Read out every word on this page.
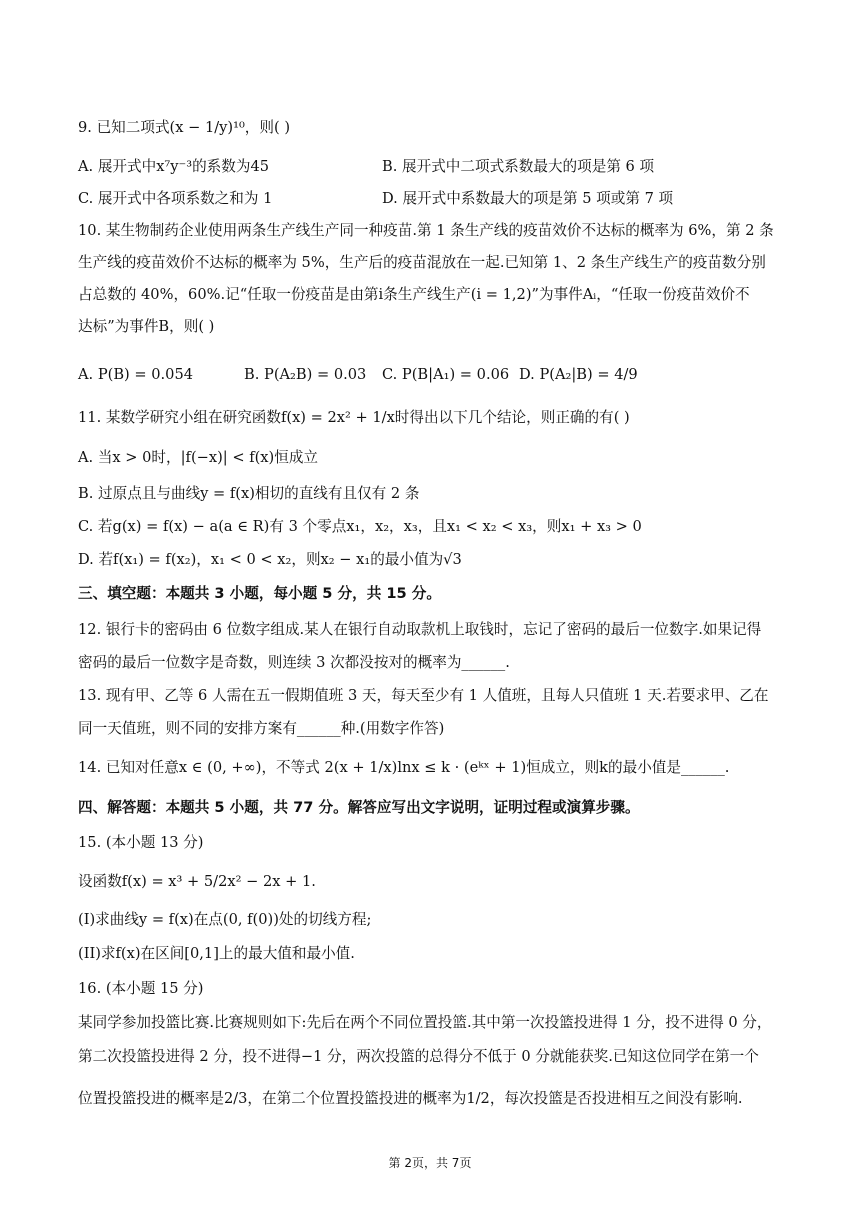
9. 已知二项式(x − 1/y)¹⁰，则( )
A. 展开式中x⁷y⁻³的系数为45	B. 展开式中二项式系数最大的项是第 6 项
C. 展开式中各项系数之和为 1	D. 展开式中系数最大的项是第 5 项或第 7 项
10. 某生物制药企业使用两条生产线生产同一种疫苗.第 1 条生产线的疫苗效价不达标的概率为 6%，第 2 条
生产线的疫苗效价不达标的概率为 5%，生产后的疫苗混放在一起.已知第 1、2 条生产线生产的疫苗数分别
占总数的 40%，60%.记“任取一份疫苗是由第i条生产线生产(i = 1,2)”为事件Aᵢ，“任取一份疫苗效价不
达标”为事件B，则( )
A. P(B) = 0.054	B. P(A₂B) = 0.03 C. P(B|A₁) = 0.06 D. P(A₂|B) = 4/9
11. 某数学研究小组在研究函数f(x) = 2x² + 1/x时得出以下几个结论，则正确的有( )
A. 当x > 0时，|f(−x)| < f(x)恒成立
B. 过原点且与曲线y = f(x)相切的直线有且仅有 2 条
C. 若g(x) = f(x) − a(a ∈ R)有 3 个零点x₁，x₂，x₃，且x₁ < x₂ < x₃，则x₁ + x₃ > 0
D. 若f(x₁) = f(x₂)，x₁ < 0 < x₂，则x₂ − x₁的最小值为√3
三、填空题：本题共 3 小题，每小题 5 分，共 15 分。
12. 银行卡的密码由 6 位数字组成.某人在银行自动取款机上取钱时，忘记了密码的最后一位数字.如果记得
密码的最后一位数字是奇数，则连续 3 次都没按对的概率为______.
13. 现有甲、乙等 6 人需在五一假期值班 3 天，每天至少有 1 人值班，且每人只值班 1 天.若要求甲、乙在
同一天值班，则不同的安排方案有______种.(用数字作答)
14. 已知对任意x ∈ (0, +∞)，不等式 2(x + 1/x)lnx ≤ k · (eᵏˣ + 1)恒成立，则k的最小值是______.
四、解答题：本题共 5 小题，共 77 分。解答应写出文字说明，证明过程或演算步骤。
15. (本小题 13 分)
设函数f(x) = x³ + 5/2x² − 2x + 1.
(I)求曲线y = f(x)在点(0, f(0))处的切线方程;
(II)求f(x)在区间[0,1]上的最大值和最小值.
16. (本小题 15 分)
某同学参加投篮比赛.比赛规则如下:先后在两个不同位置投篮.其中第一次投篮投进得 1 分，投不进得 0 分，
第二次投篮投进得 2 分，投不进得−1 分，两次投篮的总得分不低于 0 分就能获奖.已知这位同学在第一个
位置投篮投进的概率是2/3，在第二个位置投篮投进的概率为1/2，每次投篮是否投进相互之间没有影响.
第 2页，共 7页
